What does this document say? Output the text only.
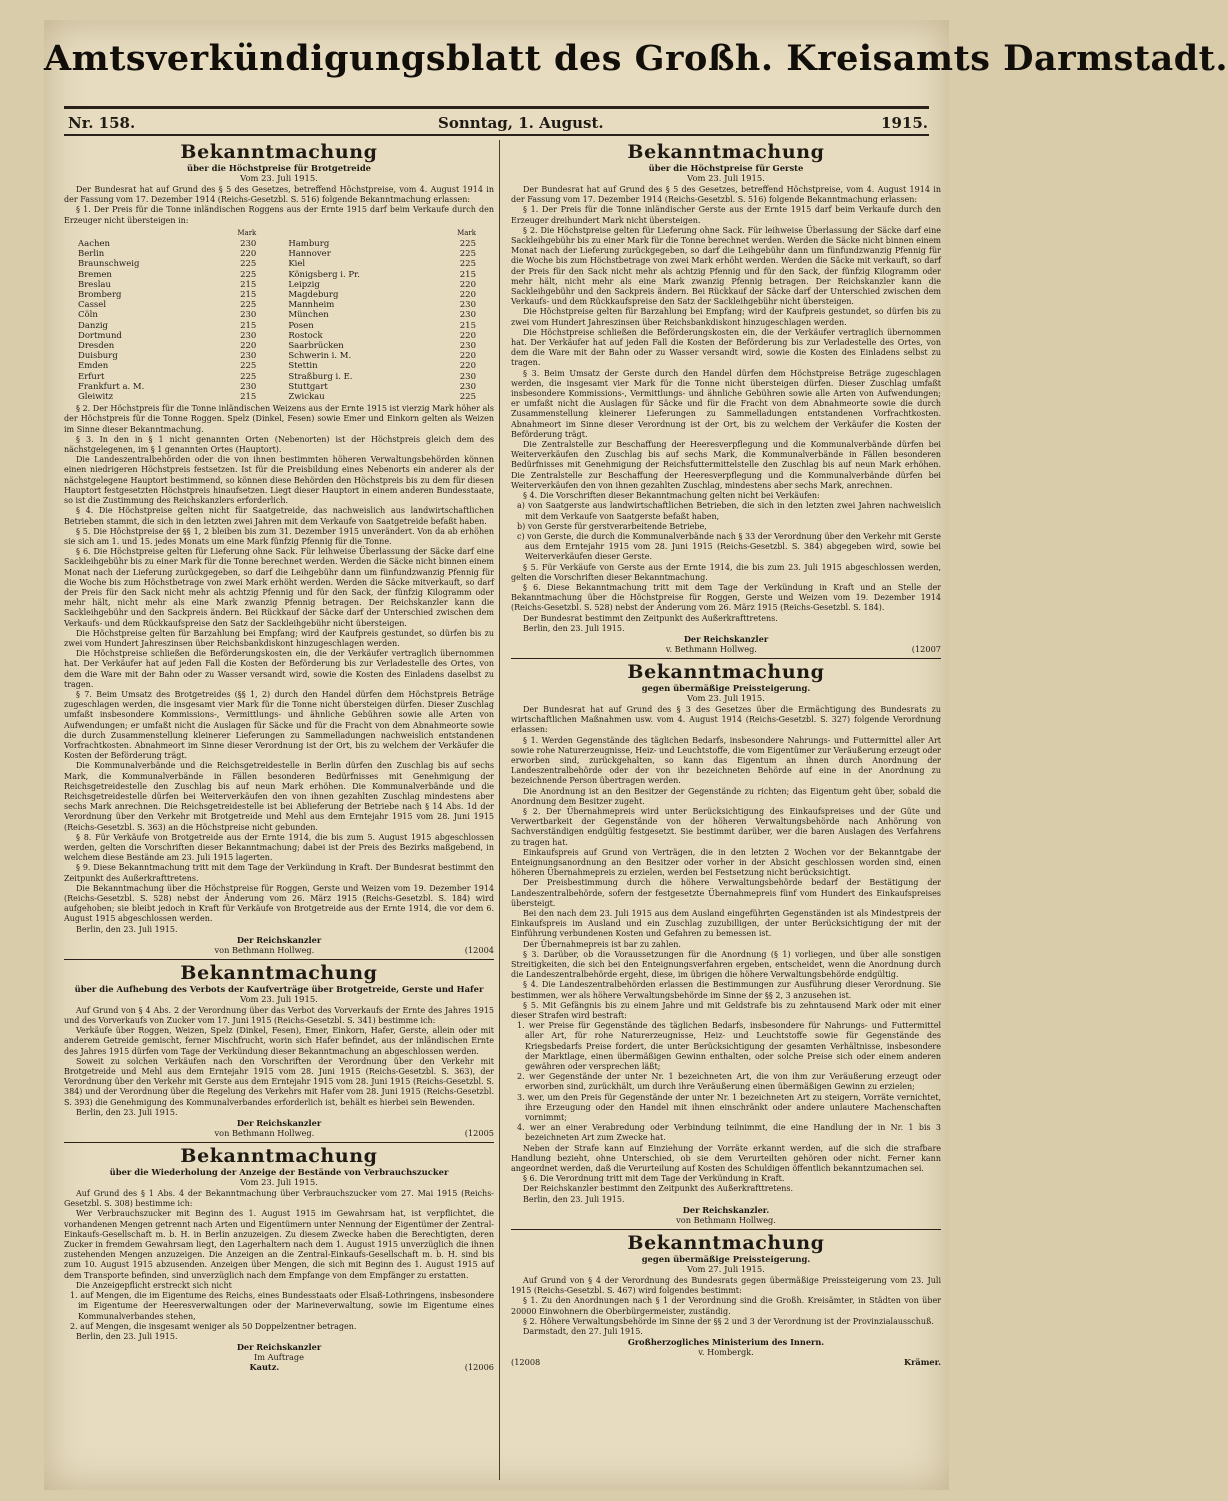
Amtsverkündigungsblatt des Großh. Kreisamts Darmstadt.
Nr. 158.	Sonntag, 1. August.	1915.
Bekanntmachung
über die Höchstpreise für Brotgetreide
Vom 23. Juli 1915.

Der Bundesrat hat auf Grund des § 5 des Gesetzes, betreffend Höchstpreise, vom 4. August 1914 in der Fassung vom 17. Dezember 1914 (Reichs-Gesetzbl. S. 516) folgende Bekanntmachung erlassen:

§ 1. Der Preis für die Tonne inländischen Roggens aus der Ernte 1915 darf beim Verkaufe durch den Erzeuger nicht übersteigen in:

	Mark		Mark
Aachen	230	Hamburg	225
Berlin	220	Hannover	225
Braunschweig	225	Kiel	225
Bremen	225	Königsberg i. Pr.	215
Breslau	215	Leipzig	220
Bromberg	215	Magdeburg	220
Cassel	225	Mannheim	230
Cöln	230	München	230
Danzig	215	Posen	215
Dortmund	230	Rostock	220
Dresden	220	Saarbrücken	230
Duisburg	230	Schwerin i. M.	220
Emden	225	Stettin	220
Erfurt	225	Straßburg i. E.	230
Frankfurt a. M.	230	Stuttgart	230
Gleiwitz	215	Zwickau	225

§ 2. Der Höchstpreis für die Tonne inländischen Weizens aus der Ernte 1915 ist vierzig Mark höher als der Höchstpreis für die Tonne Roggen. Spelz (Dinkel, Fesen) sowie Emer und Einkorn gelten als Weizen im Sinne dieser Bekanntmachung.

§ 3. In den in § 1 nicht genannten Orten (Nebenorten) ist der Höchstpreis gleich dem des nächstgelegenen, im § 1 genannten Ortes (Hauptort).

Die Landeszentralbehörden oder die von ihnen bestimmten höheren Verwaltungsbehörden können einen niedrigeren Höchstpreis festsetzen. Ist für die Preisbildung eines Nebenorts ein anderer als der nächstgelegene Hauptort bestimmend, so können diese Behörden den Höchstpreis bis zu dem für diesen Hauptort festgesetzten Höchstpreis hinaufsetzen. Liegt dieser Hauptort in einem anderen Bundesstaate, so ist die Zustimmung des Reichskanzlers erforderlich.

§ 4. Die Höchstpreise gelten nicht für Saatgetreide, das nachweislich aus landwirtschaftlichen Betrieben stammt, die sich in den letzten zwei Jahren mit dem Verkaufe von Saatgetreide befaßt haben.

§ 5. Die Höchstpreise der §§ 1, 2 bleiben bis zum 31. Dezember 1915 unverändert. Von da ab erhöhen sie sich am 1. und 15. jedes Monats um eine Mark fünfzig Pfennig für die Tonne.

§ 6. Die Höchstpreise gelten für Lieferung ohne Sack. Für leihweise Überlassung der Säcke darf eine Sackleihgebühr bis zu einer Mark für die Tonne berechnet werden. Werden die Säcke nicht binnen einem Monat nach der Lieferung zurückgegeben, so darf die Leihgebühr dann um fünfundzwanzig Pfennig für die Woche bis zum Höchstbetrage von zwei Mark erhöht werden. Werden die Säcke mitverkauft, so darf der Preis für den Sack nicht mehr als achtzig Pfennig und für den Sack, der fünfzig Kilogramm oder mehr hält, nicht mehr als eine Mark zwanzig Pfennig betragen. Der Reichskanzler kann die Sackleihgebühr und den Sackpreis ändern. Bei Rückkauf der Säcke darf der Unterschied zwischen dem Verkaufs- und dem Rückkaufspreise den Satz der Sackleihgebühr nicht übersteigen.

Die Höchstpreise gelten für Barzahlung bei Empfang; wird der Kaufpreis gestundet, so dürfen bis zu zwei vom Hundert Jahreszinsen über Reichsbankdiskont hinzugeschlagen werden.

Die Höchstpreise schließen die Beförderungskosten ein, die der Verkäufer vertraglich übernommen hat. Der Verkäufer hat auf jeden Fall die Kosten der Beförderung bis zur Verladestelle des Ortes, von dem die Ware mit der Bahn oder zu Wasser versandt wird, sowie die Kosten des Einladens daselbst zu tragen.

§ 7. Beim Umsatz des Brotgetreides (§§ 1, 2) durch den Handel dürfen dem Höchstpreis Beträge zugeschlagen werden, die insgesamt vier Mark für die Tonne nicht übersteigen dürfen. Dieser Zuschlag umfaßt insbesondere Kommissions-, Vermittlungs- und ähnliche Gebühren sowie alle Arten von Aufwendungen; er umfaßt nicht die Auslagen für Säcke und für die Fracht von dem Abnahmeorte sowie die durch Zusammenstellung kleinerer Lieferungen zu Sammelladungen nachweislich entstandenen Vorfrachtkosten. Abnahmeort im Sinne dieser Verordnung ist der Ort, bis zu welchem der Verkäufer die Kosten der Beförderung trägt.

Die Kommunalverbände und die Reichsgetreidestelle in Berlin dürfen den Zuschlag bis auf sechs Mark, die Kommunalverbände in Fällen besonderen Bedürfnisses mit Genehmigung der Reichsgetreidestelle den Zuschlag bis auf neun Mark erhöhen. Die Kommunalverbände und die Reichsgetreidestelle dürfen bei Weiterverkäufen den von ihnen gezahlten Zuschlag mindestens aber sechs Mark anrechnen. Die Reichsgetreidestelle ist bei Ablieferung der Betriebe nach § 14 Abs. 1d der Verordnung über den Verkehr mit Brotgetreide und Mehl aus dem Erntejahr 1915 vom 28. Juni 1915 (Reichs-Gesetzbl. S. 363) an die Höchstpreise nicht gebunden.

§ 8. Für Verkäufe von Brotgetreide aus der Ernte 1914, die bis zum 5. August 1915 abgeschlossen werden, gelten die Vorschriften dieser Bekanntmachung; dabei ist der Preis des Bezirks maßgebend, in welchem diese Bestände am 23. Juli 1915 lagerten.

§ 9. Diese Bekanntmachung tritt mit dem Tage der Verkündung in Kraft. Der Bundesrat bestimmt den Zeitpunkt des Außerkrafttretens.

Die Bekanntmachung über die Höchstpreise für Roggen, Gerste und Weizen vom 19. Dezember 1914 (Reichs-Gesetzbl. S. 528) nebst der Änderung vom 26. März 1915 (Reichs-Gesetzbl. S. 184) wird aufgehoben; sie bleibt jedoch in Kraft für Verkäufe von Brotgetreide aus der Ernte 1914, die vor dem 6. August 1915 abgeschlossen werden.

Berlin, den 23. Juli 1915.

Der Reichskanzler
von Bethmann Hollweg.	(12004
Bekanntmachung
über die Aufhebung des Verbots der Kaufverträge über Brotgetreide, Gerste und Hafer
Vom 23. Juli 1915.

Auf Grund von § 4 Abs. 2 der Verordnung über das Verbot des Vorverkaufs der Ernte des Jahres 1915 und des Vorverkaufs von Zucker vom 17. Juni 1915 (Reichs-Gesetzbl. S. 341) bestimme ich:

Verkäufe über Roggen, Weizen, Spelz (Dinkel, Fesen), Emer, Einkorn, Hafer, Gerste, allein oder mit anderem Getreide gemischt, ferner Mischfrucht, worin sich Hafer befindet, aus der inländischen Ernte des Jahres 1915 dürfen vom Tage der Verkündung dieser Bekanntmachung an abgeschlossen werden.

Soweit zu solchen Verkäufen nach den Vorschriften der Verordnung über den Verkehr mit Brotgetreide und Mehl aus dem Erntejahr 1915 vom 28. Juni 1915 (Reichs-Gesetzbl. S. 363), der Verordnung über den Verkehr mit Gerste aus dem Erntejahr 1915 vom 28. Juni 1915 (Reichs-Gesetzbl. S. 384) und der Verordnung über die Regelung des Verkehrs mit Hafer vom 28. Juni 1915 (Reichs-Gesetzbl. S. 393) die Genehmigung des Kommunalverbandes erforderlich ist, behält es hierbei sein Bewenden.

Berlin, den 23. Juli 1915.

Der Reichskanzler
von Bethmann Hollweg.	(12005
Bekanntmachung
über die Wiederholung der Anzeige der Bestände von Verbrauchszucker
Vom 23. Juli 1915.

Auf Grund des § 1 Abs. 4 der Bekanntmachung über Verbrauchszucker vom 27. Mai 1915 (Reichs-Gesetzbl. S. 308) bestimme ich:

Wer Verbrauchszucker mit Beginn des 1. August 1915 im Gewahrsam hat, ist verpflichtet, die vorhandenen Mengen getrennt nach Arten und Eigentümern unter Nennung der Eigentümer der Zentral-Einkaufs-Gesellschaft m. b. H. in Berlin anzuzeigen. Zu diesem Zwecke haben die Berechtigten, deren Zucker in fremdem Gewahrsam liegt, den Lagerhaltern nach dem 1. August 1915 unverzüglich die ihnen zustehenden Mengen anzuzeigen. Die Anzeigen an die Zentral-Einkaufs-Gesellschaft m. b. H. sind bis zum 10. August 1915 abzusenden. Anzeigen über Mengen, die sich mit Beginn des 1. August 1915 auf dem Transporte befinden, sind unverzüglich nach dem Empfange von dem Empfänger zu erstatten.

Die Anzeigepflicht erstreckt sich nicht

1. auf Mengen, die im Eigentume des Reichs, eines Bundesstaats oder Elsaß-Lothringens, insbesondere im Eigentume der Heeresverwaltungen oder der Marineverwaltung, sowie im Eigentume eines Kommunalverbandes stehen,

2. auf Mengen, die insgesamt weniger als 50 Doppelzentner betragen.

Berlin, den 23. Juli 1915.

Der Reichskanzler
Im Auftrage
Kautz.	(12006
Bekanntmachung
über die Höchstpreise für Gerste
Vom 23. Juli 1915.

Der Bundesrat hat auf Grund des § 5 des Gesetzes, betreffend Höchstpreise, vom 4. August 1914 in der Fassung vom 17. Dezember 1914 (Reichs-Gesetzbl. S. 516) folgende Bekanntmachung erlassen:

§ 1. Der Preis für die Tonne inländischer Gerste aus der Ernte 1915 darf beim Verkaufe durch den Erzeuger dreihundert Mark nicht übersteigen.

§ 2. Die Höchstpreise gelten für Lieferung ohne Sack. Für leihweise Überlassung der Säcke darf eine Sackleihgebühr bis zu einer Mark für die Tonne berechnet werden. Werden die Säcke nicht binnen einem Monat nach der Lieferung zurückgegeben, so darf die Leihgebühr dann um fünfundzwanzig Pfennig für die Woche bis zum Höchstbetrage von zwei Mark erhöht werden. Werden die Säcke mit verkauft, so darf der Preis für den Sack nicht mehr als achtzig Pfennig und für den Sack, der fünfzig Kilogramm oder mehr hält, nicht mehr als eine Mark zwanzig Pfennig betragen. Der Reichskanzler kann die Sackleihgebühr und den Sackpreis ändern. Bei Rückkauf der Säcke darf der Unterschied zwischen dem Verkaufs- und dem Rückkaufspreise den Satz der Sackleihgebühr nicht übersteigen.

Die Höchstpreise gelten für Barzahlung bei Empfang; wird der Kaufpreis gestundet, so dürfen bis zu zwei vom Hundert Jahreszinsen über Reichsbankdiskont hinzugeschlagen werden.

Die Höchstpreise schließen die Beförderungskosten ein, die der Verkäufer vertraglich übernommen hat. Der Verkäufer hat auf jeden Fall die Kosten der Beförderung bis zur Verladestelle des Ortes, von dem die Ware mit der Bahn oder zu Wasser versandt wird, sowie die Kosten des Einladens selbst zu tragen.

§ 3. Beim Umsatz der Gerste durch den Handel dürfen dem Höchstpreise Beträge zugeschlagen werden, die insgesamt vier Mark für die Tonne nicht übersteigen dürfen. Dieser Zuschlag umfaßt insbesondere Kommissions-, Vermittlungs- und ähnliche Gebühren sowie alle Arten von Aufwendungen; er umfaßt nicht die Auslagen für Säcke und für die Fracht von dem Abnahmeorte sowie die durch Zusammenstellung kleinerer Lieferungen zu Sammelladungen entstandenen Vorfrachtkosten. Abnahmeort im Sinne dieser Verordnung ist der Ort, bis zu welchem der Verkäufer die Kosten der Beförderung trägt.

Die Zentralstelle zur Beschaffung der Heeresverpflegung und die Kommunalverbände dürfen bei Weiterverkäufen den Zuschlag bis auf sechs Mark, die Kommunalverbände in Fällen besonderen Bedürfnisses mit Genehmigung der Reichsfuttermittelstelle den Zuschlag bis auf neun Mark erhöhen. Die Zentralstelle zur Beschaffung der Heeresverpflegung und die Kommunalverbände dürfen bei Weiterverkäufen den von ihnen gezahlten Zuschlag, mindestens aber sechs Mark, anrechnen.

§ 4. Die Vorschriften dieser Bekanntmachung gelten nicht bei Verkäufen:

a) von Saatgerste aus landwirtschaftlichen Betrieben, die sich in den letzten zwei Jahren nachweislich mit dem Verkaufe von Saatgerste befaßt haben,

b) von Gerste für gerstverarbeitende Betriebe,

c) von Gerste, die durch die Kommunalverbände nach § 33 der Verordnung über den Verkehr mit Gerste aus dem Erntejahr 1915 vom 28. Juni 1915 (Reichs-Gesetzbl. S. 384) abgegeben wird, sowie bei Weiterverkäufen dieser Gerste.

§ 5. Für Verkäufe von Gerste aus der Ernte 1914, die bis zum 23. Juli 1915 abgeschlossen werden, gelten die Vorschriften dieser Bekanntmachung.

§ 6. Diese Bekanntmachung tritt mit dem Tage der Verkündung in Kraft und an Stelle der Bekanntmachung über die Höchstpreise für Roggen, Gerste und Weizen vom 19. Dezember 1914 (Reichs-Gesetzbl. S. 528) nebst der Änderung vom 26. März 1915 (Reichs-Gesetzbl. S. 184).

Der Bundesrat bestimmt den Zeitpunkt des Außerkrafttretens.

Berlin, den 23. Juli 1915.

Der Reichskanzler
v. Bethmann Hollweg.	(12007
Bekanntmachung
gegen übermäßige Preissteigerung.
Vom 23. Juli 1915.

Der Bundesrat hat auf Grund des § 3 des Gesetzes über die Ermächtigung des Bundesrats zu wirtschaftlichen Maßnahmen usw. vom 4. August 1914 (Reichs-Gesetzbl. S. 327) folgende Verordnung erlassen:

§ 1. Werden Gegenstände des täglichen Bedarfs, insbesondere Nahrungs- und Futtermittel aller Art sowie rohe Naturerzeugnisse, Heiz- und Leuchtstoffe, die vom Eigentümer zur Veräußerung erzeugt oder erworben sind, zurückgehalten, so kann das Eigentum an ihnen durch Anordnung der Landeszentralbehörde oder der von ihr bezeichneten Behörde auf eine in der Anordnung zu bezeichnende Person übertragen werden.

Die Anordnung ist an den Besitzer der Gegenstände zu richten; das Eigentum geht über, sobald die Anordnung dem Besitzer zugeht.

§ 2. Der Übernahmepreis wird unter Berücksichtigung des Einkaufspreises und der Güte und Verwertbarkeit der Gegenstände von der höheren Verwaltungsbehörde nach Anhörung von Sachverständigen endgültig festgesetzt. Sie bestimmt darüber, wer die baren Auslagen des Verfahrens zu tragen hat.

Einkaufspreis auf Grund von Verträgen, die in den letzten 2 Wochen vor der Bekanntgabe der Enteignungsanordnung an den Besitzer oder vorher in der Absicht geschlossen worden sind, einen höheren Übernahmepreis zu erzielen, werden bei Festsetzung nicht berücksichtigt.

Der Preisbestimmung durch die höhere Verwaltungsbehörde bedarf der Bestätigung der Landeszentralbehörde, sofern der festgesetzte Übernahmepreis fünf vom Hundert des Einkaufspreises übersteigt.

Bei den nach dem 23. Juli 1915 aus dem Ausland eingeführten Gegenständen ist als Mindestpreis der Einkaufspreis im Ausland und ein Zuschlag zuzubilligen, der unter Berücksichtigung der mit der Einführung verbundenen Kosten und Gefahren zu bemessen ist.

Der Übernahmepreis ist bar zu zahlen.

§ 3. Darüber, ob die Voraussetzungen für die Anordnung (§ 1) vorliegen, und über alle sonstigen Streitigkeiten, die sich bei den Enteignungsverfahren ergeben, entscheidet, wenn die Anordnung durch die Landeszentralbehörde ergeht, diese, im übrigen die höhere Verwaltungsbehörde endgültig.

§ 4. Die Landeszentralbehörden erlassen die Bestimmungen zur Ausführung dieser Verordnung. Sie bestimmen, wer als höhere Verwaltungsbehörde im Sinne der §§ 2, 3 anzusehen ist.

§ 5. Mit Gefängnis bis zu einem Jahre und mit Geldstrafe bis zu zehntausend Mark oder mit einer dieser Strafen wird bestraft:

1. wer Preise für Gegenstände des täglichen Bedarfs, insbesondere für Nahrungs- und Futtermittel aller Art, für rohe Naturerzeugnisse, Heiz- und Leuchtstoffe sowie für Gegenstände des Kriegsbedarfs Preise fordert, die unter Berücksichtigung der gesamten Verhältnisse, insbesondere der Marktlage, einen übermäßigen Gewinn enthalten, oder solche Preise sich oder einem anderen gewähren oder versprechen läßt;

2. wer Gegenstände der unter Nr. 1 bezeichneten Art, die von ihm zur Veräußerung erzeugt oder erworben sind, zurückhält, um durch ihre Veräußerung einen übermäßigen Gewinn zu erzielen;

3. wer, um den Preis für Gegenstände der unter Nr. 1 bezeichneten Art zu steigern, Vorräte vernichtet, ihre Erzeugung oder den Handel mit ihnen einschränkt oder andere unlautere Machenschaften vornimmt;

4. wer an einer Verabredung oder Verbindung teilnimmt, die eine Handlung der in Nr. 1 bis 3 bezeichneten Art zum Zwecke hat.

Neben der Strafe kann auf Einziehung der Vorräte erkannt werden, auf die sich die strafbare Handlung bezieht, ohne Unterschied, ob sie dem Verurteilten gehören oder nicht. Ferner kann angeordnet werden, daß die Verurteilung auf Kosten des Schuldigen öffentlich bekanntzumachen sei.

§ 6. Die Verordnung tritt mit dem Tage der Verkündung in Kraft.

Der Reichskanzler bestimmt den Zeitpunkt des Außerkrafttretens.

Berlin, den 23. Juli 1915.

Der Reichskanzler.
von Bethmann Hollweg.
Bekanntmachung
gegen übermäßige Preissteigerung.
Vom 27. Juli 1915.

Auf Grund von § 4 der Verordnung des Bundesrats gegen übermäßige Preissteigerung vom 23. Juli 1915 (Reichs-Gesetzbl. S. 467) wird folgendes bestimmt:

§ 1. Zu den Anordnungen nach § 1 der Verordnung sind die Großh. Kreisämter, in Städten von über 20000 Einwohnern die Oberbürgermeister, zuständig.

§ 2. Höhere Verwaltungsbehörde im Sinne der §§ 2 und 3 der Verordnung ist der Provinzialausschuß.

Darmstadt, den 27. Juli 1915.

Großherzogliches Ministerium des Innern.
v. Hombergk.
(12008	Krämer.
